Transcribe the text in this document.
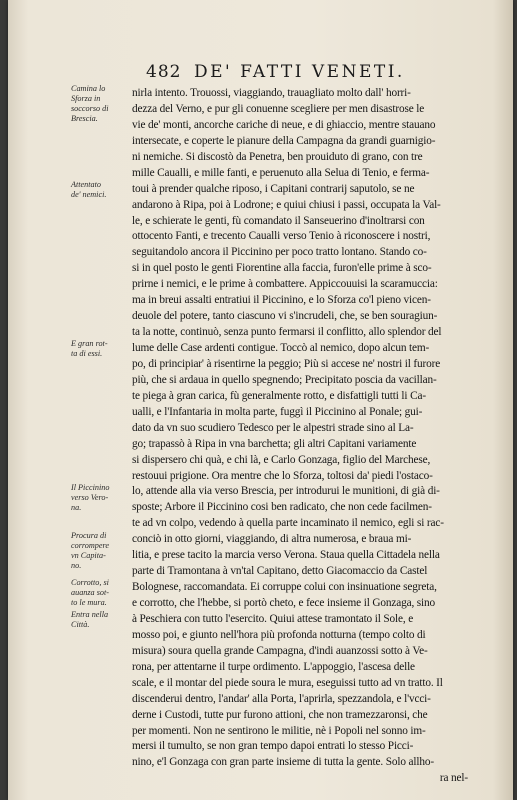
482 DE' FATTI VENETI.
Camina lo
Sforza in
soccorso di
Brescia.
Attentato
de' nemici.
E gran rot-
ta di essi.
Il Piccinino
verso Vero-
na.
Procura di
corrompere
vn Capita-
no.
Corrotto, si
auanza sot-
to le mura.
Entra nella
Città.
nirla intento. Trouossi, viaggiando, trauagliato molto dall' horri-
dezza del Verno, e pur gli conuenne scegliere per men disastrose le
vie de' monti, ancorche cariche di neue, e di ghiaccio, mentre stauano
intersecate, e coperte le pianure della Campagna da grandi guarnigio-
ni nemiche. Si discostò da Penetra, ben prouiduto di grano, con tre
mille Caualli, e mille fanti, e peruenuto alla Selua di Tenio, e ferma-
toui à prender qualche riposo, i Capitani contrarij saputolo, se ne
andarono à Ripa, poi à Lodrone; e quiui chiusi i passi, occupata la Val-
le, e schierate le genti, fù comandato il Sanseuerino d'inoltrarsi con
ottocento Fanti, e trecento Caualli verso Tenio à riconoscere i nostri,
seguitandolo ancora il Piccinino per poco tratto lontano. Stando co-
si in quel posto le genti Fiorentine alla faccia, furon'elle prime à sco-
prirne i nemici, e le prime à combattere. Appiccouuisi la scaramuccia:
ma in breui assalti entratiui il Piccinino, e lo Sforza co'l pieno vicen-
deuole del potere, tanto ciascuno vi s'incrudeli, che, se ben souragiun-
ta la notte, continuò, senza punto fermarsi il conflitto, allo splendor del
lume delle Case ardenti contigue. Toccò al nemico, dopo alcun tem-
po, di principiar' à risentirne la peggio; Più si accese ne' nostri il furore
più, che si ardaua in quello spegnendo; Precipitato poscia da vacillan-
te piega à gran carica, fù generalmente rotto, e disfattigli tutti li Ca-
ualli, e l'Infantaria in molta parte, fuggì il Piccinino al Ponale; gui-
dato da vn suo scudiero Tedesco per le alpestri strade sino al La-
go; trapassò à Ripa in vna barchetta; gli altri Capitani variamente
si dispersero chi quà, e chi là, e Carlo Gonzaga, figlio del Marchese,
restouui prigione. Ora mentre che lo Sforza, toltosi da' piedi l'ostaco-
lo, attende alla via verso Brescia, per introdurui le munitioni, di già di-
sposte; Arbore il Piccinino cosi ben radicato, che non cede facilmen-
te ad vn colpo, vedendo à quella parte incaminato il nemico, egli si rac-
conciò in otto giorni, viaggiando, di altra numerosa, e braua mi-
litia, e prese tacito la marcia verso Verona. Staua quella Cittadela nella
parte di Tramontana à vn'tal Capitano, detto Giacomaccio da Castel
Bolognese, raccomandata. Ei corruppe colui con insinuatione segreta,
e corrotto, che l'hebbe, si portò cheto, e fece insieme il Gonzaga, sino
à Peschiera con tutto l'esercito. Quiui attese tramontato il Sole, e
mosso poi, e giunto nell'hora più profonda notturna (tempo colto di
misura) soura quella grande Campagna, d'indi auanzossi sotto à Ve-
rona, per attentarne il turpe ordimento. L'appoggio, l'ascesa delle
scale, e il montar del piede soura le mura, eseguissi tutto ad vn tratto. Il
discenderui dentro, l'andar' alla Porta, l'aprirla, spezzandola, e l'vcci-
derne i Custodi, tutte pur furono attioni, che non tramezzaronsi, che
per momenti. Non ne sentirono le militie, nè i Popoli nel sonno im-
mersi il tumulto, se non gran tempo dapoi entrati lo stesso Picci-
nino, e'l Gonzaga con gran parte insieme di tutta la gente. Solo allho-
ra nel-
